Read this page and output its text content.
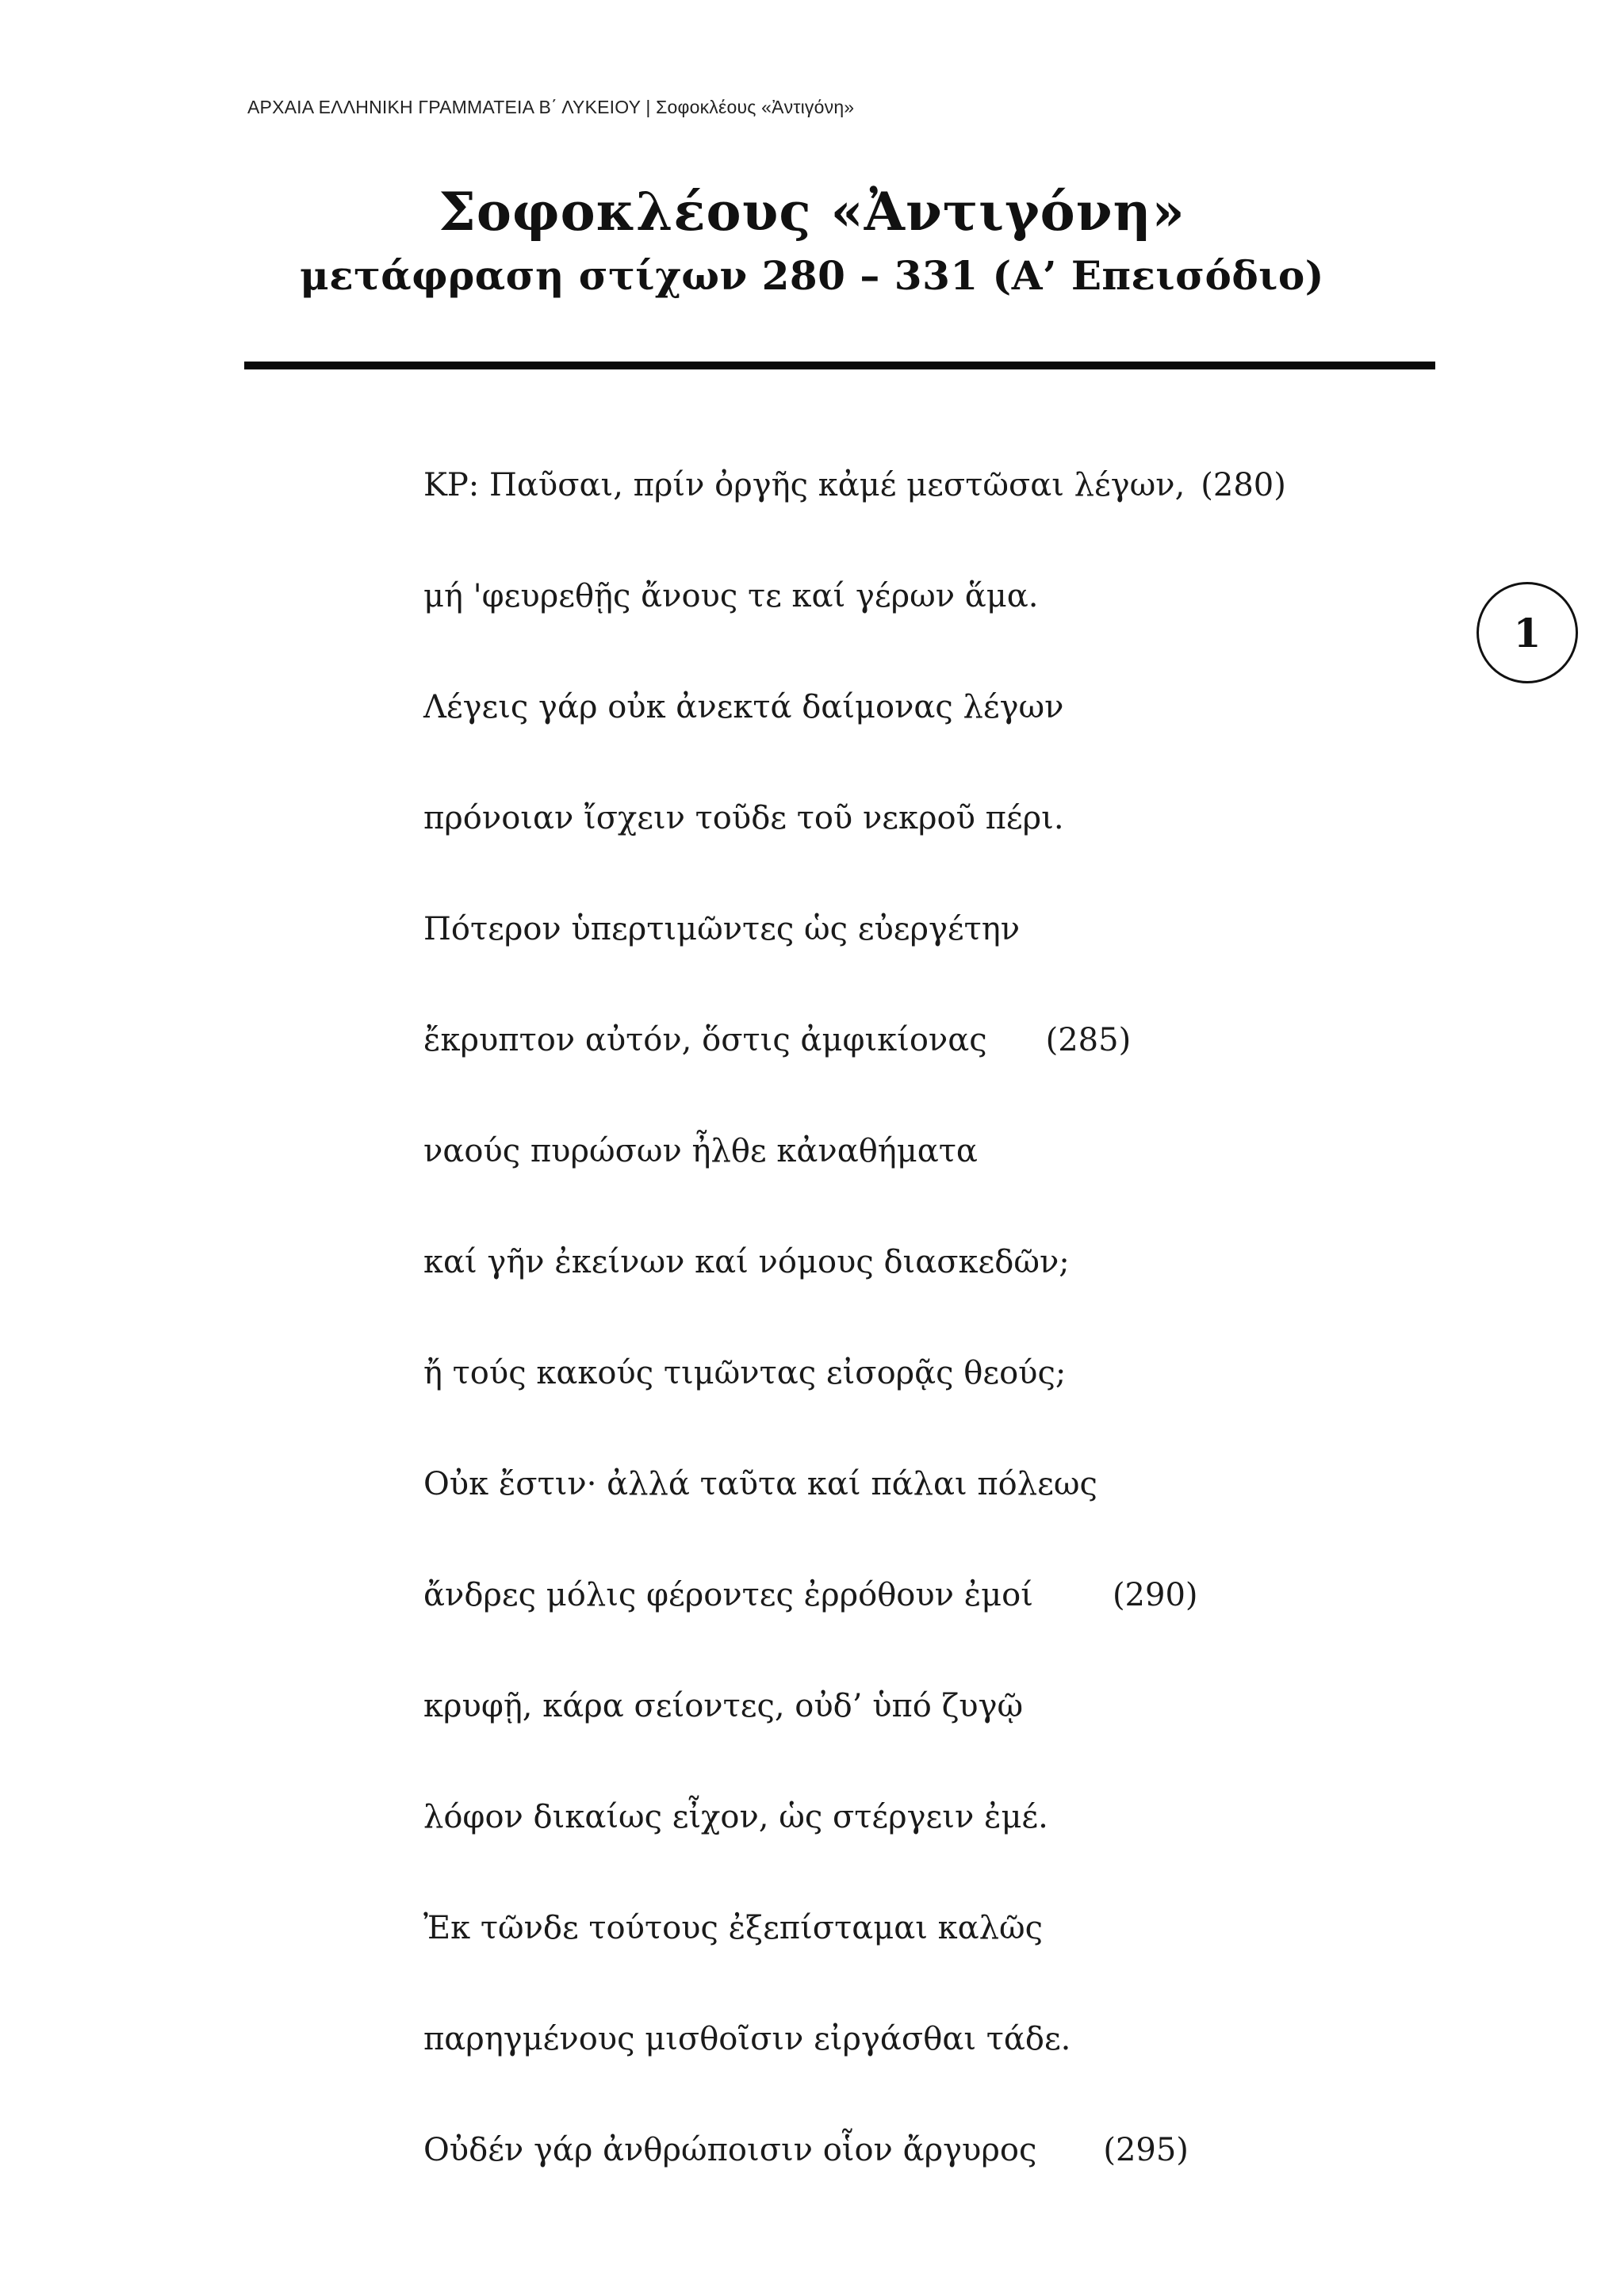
ΑΡΧΑΙΑ ΕΛΛΗΝΙΚΗ ΓΡΑΜΜΑΤΕΙΑ Β΄ ΛΥΚΕΙΟΥ | Σοφοκλέους «Ἀντιγόνη»
Σοφοκλέους «Ἀντιγόνη»
μετάφραση στίχων 280 – 331 (Α’ Επεισόδιο)
1
ΚΡ: Παῦσαι, πρίν ὀργῆς κἀμέ μεστῶσαι λέγων, (280)
μή 'φευρεθῇς ἄνους τε καί γέρων ἅμα.
Λέγεις γάρ οὐκ ἀνεκτά δαίμονας λέγων
πρόνοιαν ἴσχειν τοῦδε τοῦ νεκροῦ πέρι.
Πότερον ὑπερτιμῶντες ὡς εὐεργέτην
ἔκρυπτον αὐτόν, ὅστις ἀμφικίονας (285)
ναούς πυρώσων ἦλθε κἀναθήματα
καί γῆν ἐκείνων καί νόμους διασκεδῶν;
ἤ τούς κακούς τιμῶντας εἰσορᾷς θεούς;
Οὐκ ἔστιν· ἀλλά ταῦτα καί πάλαι πόλεως
ἄνδρες μόλις φέροντες ἐρρόθουν ἐμοί	(290)
κρυφῇ, κάρα σείοντες, οὐδ’ ὑπό ζυγῷ
λόφον δικαίως εἶχον, ὡς στέργειν ἐμέ.
Ἐκ τῶνδε τούτους ἐξεπίσταμαι καλῶς
παρηγμένους μισθοῖσιν εἰργάσθαι τάδε.
Οὐδέν γάρ ἀνθρώποισιν οἷον ἄργυρος (295)
